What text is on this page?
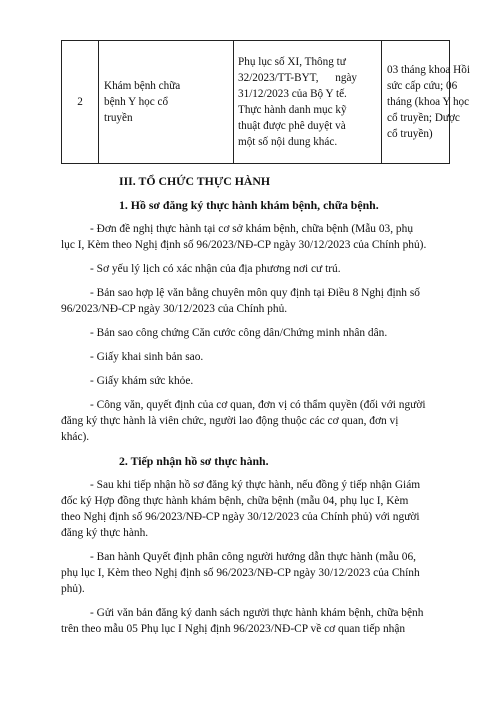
2	
Khám bệnh chữa
bệnh Y học cổ
truyền

Phụ lục số XI, Thông tư
32/2023/TT-BYT,      ngày
31/12/2023 của Bộ Y tế.
Thực hành danh mục kỹ
thuật được phê duyệt và
một số nội dung khác.

03 tháng khoa Hồi
sức cấp cứu; 06
tháng (khoa Y học
cổ truyền; Dược
cổ truyền)
III. TỔ CHỨC THỰC HÀNH
1. Hồ sơ đăng ký thực hành khám bệnh, chữa bệnh.
- Đơn đề nghị thực hành tại cơ sở khám bệnh, chữa bệnh (Mẫu 03, phụ
lục I, Kèm theo Nghị định số 96/2023/NĐ-CP ngày 30/12/2023 của Chính phủ).
- Sơ yếu lý lịch có xác nhận của địa phương nơi cư trú.
- Bản sao hợp lệ văn bằng chuyên môn quy định tại Điều 8 Nghị định số
96/2023/NĐ-CP ngày 30/12/2023 của Chính phủ.
- Bản sao công chứng Căn cước công dân/Chứng minh nhân dân.
- Giấy khai sinh bản sao.
- Giấy khám sức khỏe.
- Công văn, quyết định của cơ quan, đơn vị có thẩm quyền (đối với người
đăng ký thực hành là viên chức, người lao động thuộc các cơ quan, đơn vị
khác).
2. Tiếp nhận hồ sơ thực hành.
- Sau khi tiếp nhận hồ sơ đăng ký thực hành, nếu đồng ý tiếp nhận Giám
đốc ký Hợp đồng thực hành khám bệnh, chữa bệnh (mẫu 04, phụ lục I, Kèm
theo Nghị định số 96/2023/NĐ-CP ngày 30/12/2023 của Chính phủ) với người
đăng ký thực hành.
- Ban hành Quyết định phân công người hướng dẫn thực hành (mẫu 06,
phụ lục I, Kèm theo Nghị định số 96/2023/NĐ-CP ngày 30/12/2023 của Chính
phủ).
- Gửi văn bản đăng ký danh sách người thực hành khám bệnh, chữa bệnh
trên theo mẫu 05 Phụ lục I Nghị định 96/2023/NĐ-CP về cơ quan tiếp nhận
